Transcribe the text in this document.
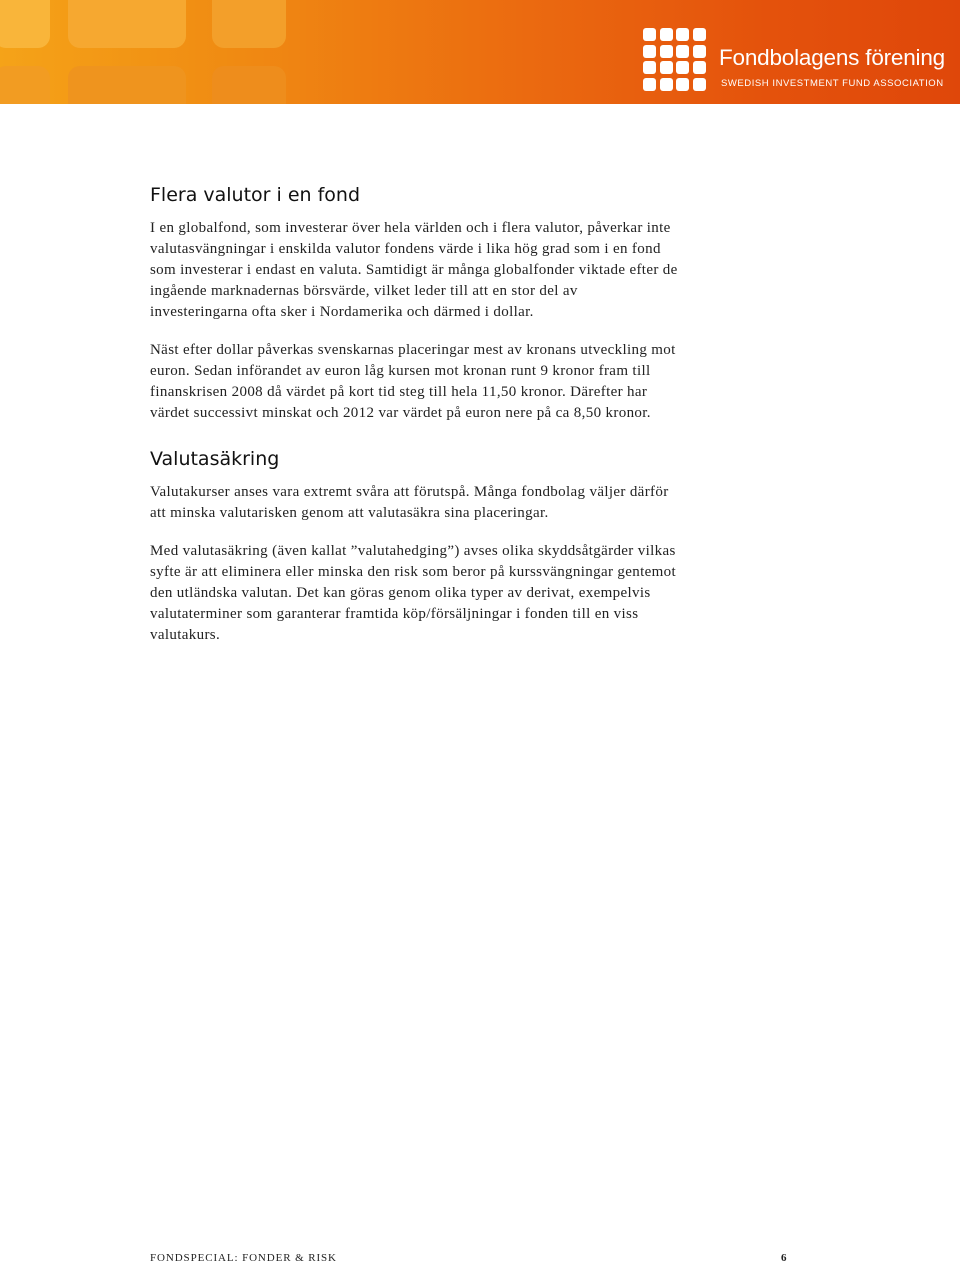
Fondbolagens förening
SWEDISH INVESTMENT FUND ASSOCIATION
Flera valutor i en fond

I en globalfond, som investerar över hela världen och i flera valutor, påverkar inte
valutasvängningar i enskilda valutor fondens värde i lika hög grad som i en fond
som investerar i endast en valuta. Samtidigt är många globalfonder viktade efter de
ingående marknadernas börsvärde, vilket leder till att en stor del av
investeringarna ofta sker i Nordamerika och därmed i dollar.

Näst efter dollar påverkas svenskarnas placeringar mest av kronans utveckling mot
euron. Sedan införandet av euron låg kursen mot kronan runt 9 kronor fram till
finanskrisen 2008 då värdet på kort tid steg till hela 11,50 kronor. Därefter har
värdet successivt minskat och 2012 var värdet på euron nere på ca 8,50 kronor.

Valutasäkring

Valutakurser anses vara extremt svåra att förutspå. Många fondbolag väljer därför
att minska valutarisken genom att valutasäkra sina placeringar.

Med valutasäkring (även kallat ”valutahedging”) avses olika skyddsåtgärder vilkas
syfte är att eliminera eller minska den risk som beror på kurssvängningar gentemot
den utländska valutan. Det kan göras genom olika typer av derivat, exempelvis
valutaterminer som garanterar framtida köp/försäljningar i fonden till en viss
valutakurs.

FONDSPECIAL: FONDER & RISK	6
